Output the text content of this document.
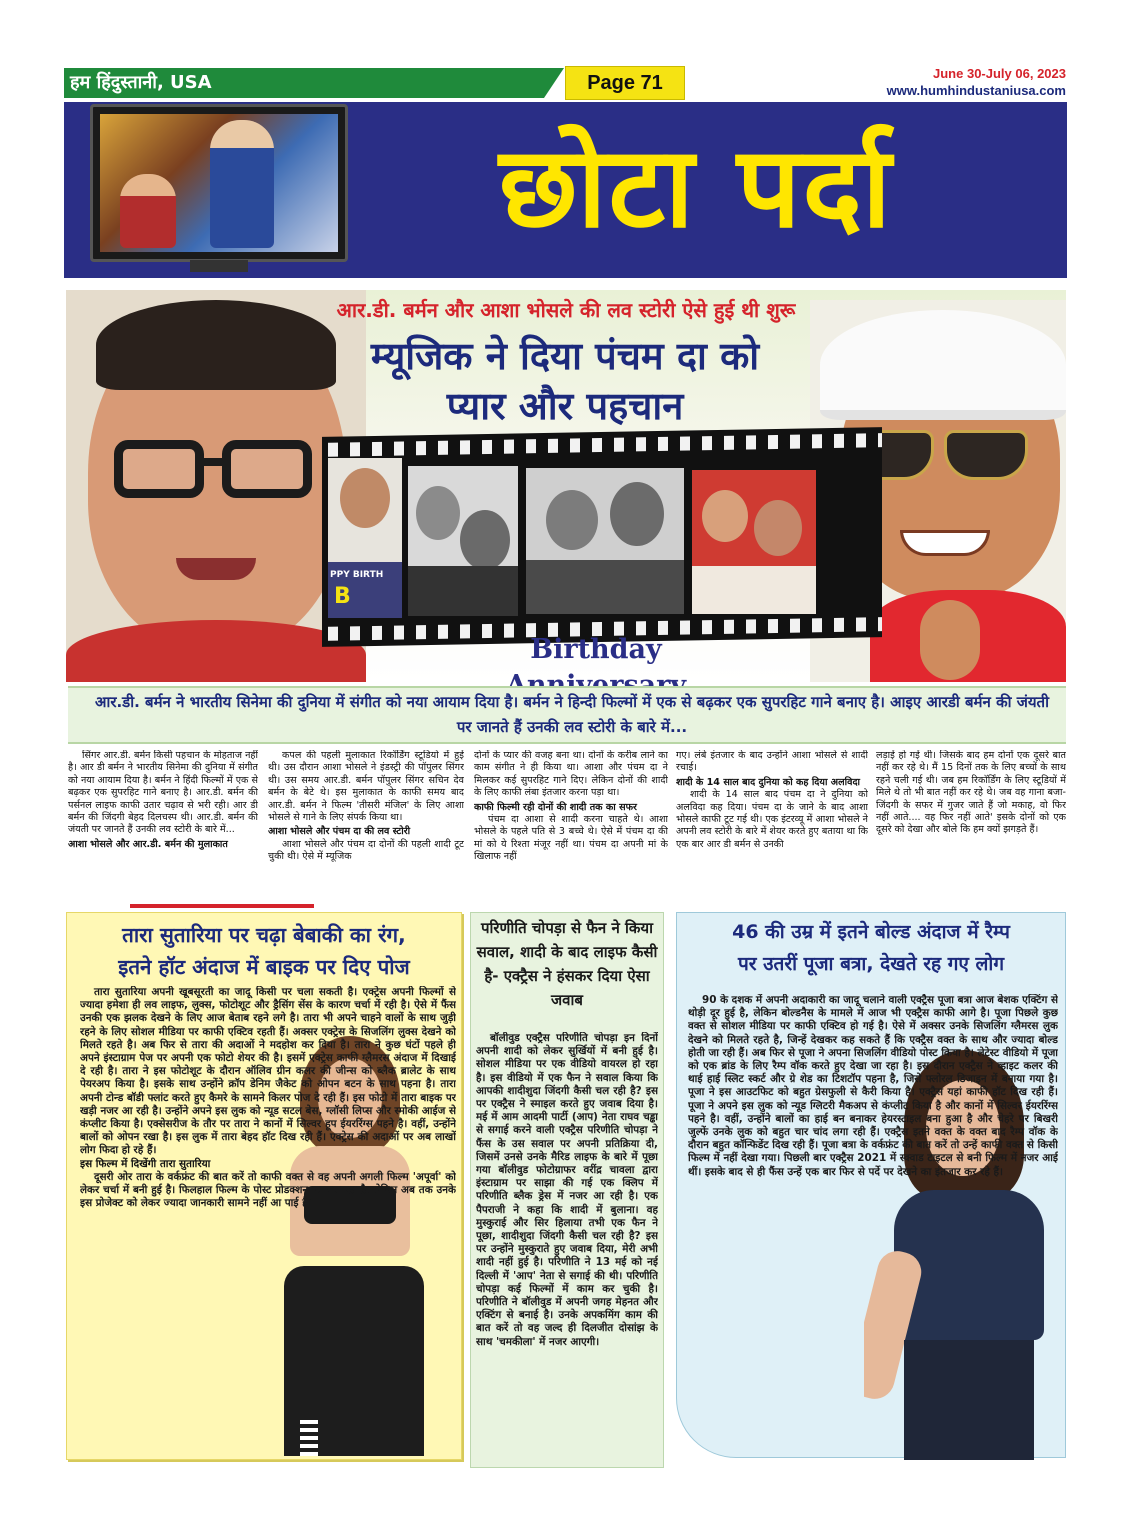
हम हिंदुस्तानी, USA	Page 71	June 30-July 06, 2023
www.humhindustaniusa.com
छोटा पर्दा
आर.डी. बर्मन और आशा भोसले की लव स्टोरी ऐसे हुई थी शुरू
म्यूजिक ने दिया पंचम दा को
प्यार और पहचान
PPY BIRTH
B
Birthday
आर.डी. बर्मन ने भारतीय सिनेमा की दुनिया में संगीत को नया आयाम दिया है। बर्मन ने हिन्दी फिल्मों में एक से बढ़कर एक सुपरहिट गाने बनाए है। आइए आरडी बर्मन की जंयती पर जानते हैं उनकी लव स्टोरी के बारे में...

सिंगर आर.डी. बर्मन किसी पहचान के मोहताज नहीं है। आर डी बर्मन ने भारतीय सिनेमा की दुनिया में संगीत को नया आयाम दिया है। बर्मन ने हिंदी फिल्मों में एक से बढ़कर एक सुपरहिट गाने बनाए है। आर.डी. बर्मन की पर्सनल लाइफ काफी उतार चढ़ाव से भरी रही। आर डी बर्मन की जिंदगी बेहद दिलचस्प थी। आर.डी. बर्मन की जंयती पर जानते हैं उनकी लव स्टोरी के बारे में...

आशा भोसले और आर.डी. बर्मन की मुलाकात

कपल की पहली मुलाकात रिकॉर्डिंग स्टूडियो में हुई थी। उस दौरान आशा भोसले ने इंडस्ट्री की पॉपुलर सिंगर थी। उस समय आर.डी. बर्मन पॉपुलर सिंगर सचिन देव बर्मन के बेटे थे। इस मुलाकात के काफी समय बाद आर.डी. बर्मन ने फिल्म 'तीसरी मंजिल' के लिए आशा भोसले से गाने के लिए संपर्क किया था।

आशा भोसले और पंचम दा की लव स्टोरी

आशा भोसले और पंचम दा दोनों की पहली शादी टूट चुकी थी। ऐसे में म्यूजिक

दोनों के प्यार की वजह बना था। दोनों के करीब लाने का काम संगीत ने ही किया था। आशा और पंचम दा ने मिलकर कई सुपरहिट गाने दिए। लेकिन दोनों की शादी के लिए काफी लंबा इंतजार करना पड़ा था।

काफी फिल्मी रही दोनों की शादी तक का सफर

पंचम दा आशा से शादी करना चाहते थे। आशा भोसले के पहले पति से 3 बच्चे थे। ऐसे में पंचम दा की मां को ये रिश्ता मंजूर नहीं था। पंचम दा अपनी मां के खिलाफ नहीं

गए। लंबे इंतजार के बाद उन्होंने आशा भोसले से शादी रचाई।

शादी के 14 साल बाद दुनिया को कह दिया अलविदा

शादी के 14 साल बाद पंचम दा ने दुनिया को अलविदा कह दिया। पंचम दा के जाने के बाद आशा भोसले काफी टूट गई थी। एक इंटरव्यू में आशा भोसले ने अपनी लव स्टोरी के बारे में शेयर करते हुए बताया था कि एक बार आर डी बर्मन से उनकी

लड़ाई हो गई थी। जिसके बाद हम दोनों एक दूसरे बात नहीं कर रहे थे। मैं 15 दिनों तक के लिए बच्चों के साथ रहने चली गई थी। जब हम रिकॉर्डिंग के लिए स्टूडियों में मिले थे तो भी बात नहीं कर रहे थे। जब वह गाना बजा- जिंदगी के सफर में गुजर जाते हैं जो मकाह, वो फिर नहीं आते.... वह फिर नहीं आते' इसके दोनों को एक दूसरे को देखा और बोले कि हम क्यों झगड़ते हैं।

तारा सुतारिया पर चढ़ा बेबाकी का रंग,
इतने हॉट अंदाज में बाइक पर दिए पोज

तारा सुतारिया अपनी खूबसूरती का जादू किसी पर चला सकती है। एक्ट्रेस अपनी फिल्मों से ज्यादा हमेशा ही लव लाइफ, लुक्स, फोटोशूट और ड्रैसिंग सेंस के कारण चर्चा में रही है। ऐसे में फैंस उनकी एक झलक देखने के लिए आज बेताब रहने लगे है। तारा भी अपने चाहने वालों के साथ जुड़ी रहने के लिए सोशल मीडिया पर काफी एक्टिव रहती हैं। अक्सर एक्ट्रेस के सिजलिंग लुक्स देखने को मिलते रहते है। अब फिर से तारा की अदाओं ने मदहोश कर दिया है। तारा ने कुछ घंटों पहले ही अपने इंस्टाग्राम पेज पर अपनी एक फोटो शेयर की है। इसमें एक्ट्रेस काफी ग्लैमरस अंदाज में दिखाई दे रही है। तारा ने इस फोटोशूट के दौरान ऑलिव ग्रीन कलर की जीन्स को ब्लैक ब्रालेट के साथ पेयरअप किया है। इसके साथ उन्होंने क्रॉप डेनिम जैकेट को ओपन बटन के साथ पहना है। तारा अपनी टोन्ड बॉडी फ्लांट करते हुए कैमरे के सामने किलर पोज दे रही हैं। इस फोटो में तारा बाइक पर खड़ी नजर आ रही है। उन्होंने अपने इस लुक को न्यूड सटल बेस, ग्लॉसी लिप्स और स्मोकी आईज से कंप्लीट किया है। एक्सेसरीज के तौर पर तारा ने कानों में सिल्वर हूप ईयररिंग्स पहने है। वहीं, उन्होंने बालों को ओपन रखा है। इस लुक में तारा बेहद हॉट दिख रही हैं। एक्ट्रेस की अदाओं पर अब लाखों लोग फिदा हो रहे हैं।

इस फिल्म में दिखेंगी तारा सुतारिया

दूसरी ओर तारा के वर्कफ्रंट की बात करें तो काफी वक्त से वह अपनी अगली फिल्म 'अपूर्वा' को लेकर चर्चा में बनी हुई है। फिलहाल फिल्म के पोस्ट प्रोडक्शन का चल रहा है, लेकिन अब तक उनके इस प्रोजेक्ट को लेकर ज्यादा जानकारी सामने नहीं आ पाई है।

परिणीति चोपड़ा से फैन ने किया सवाल, शादी के बाद लाइफ कैसी है- एक्ट्रैस ने हंसकर दिया ऐसा जवाब

बॉलीवुड एक्ट्रैस परिणीति चोपड़ा इन दिनों अपनी शादी को लेकर सुर्खियों में बनी हुई है। सोशल मीडिया पर एक वीडियो वायरल हो रहा है। इस वीडियो में एक फैन ने सवाल किया कि आपकी शादीशुदा जिंदगी कैसी चल रही है? इस पर एक्ट्रैस ने स्माइल करते हुए जवाब दिया है। मई में आम आदमी पार्टी (आप) नेता राघव चड्ढा से सगाई करने वाली एक्ट्रैस परिणीति चोपड़ा ने फैंस के उस सवाल पर अपनी प्रतिक्रिया दी, जिसमें उनसे उनके मैरिड लाइफ के बारे में पूछा गया बॉलीवुड फोटोग्राफर वरींद्र चावला द्वारा इंस्टाग्राम पर साझा की गई एक क्लिप में परिणीति ब्लैक ड्रेस में नजर आ रही है। एक पैपराजी ने कहा कि शादी में बुलाना। वह मुस्कुराई और सिर हिलाया तभी एक फैन ने पूछा, शादीशुदा जिंदगी कैसी चल रही है? इस पर उन्होंने मुस्कुराते हुए जवाब दिया, मेरी अभी शादी नहीं हुई है। परिणीति ने 13 मई को नई दिल्ली में 'आप' नेता से सगाई की थी। परिणीति चोपड़ा कई फिल्मों में काम कर चुकी है। परिणीति ने बॉलीवुड में अपनी जगह मेहनत और एक्टिंग से बनाई है। उनके अपकमिंग काम की बात करें तो वह जल्द ही दिलजीत दोसांझ के साथ 'चमकीला' में नजर आएगी।

46 की उम्र में इतने बोल्ड अंदाज में रैम्प
पर उतरीं पूजा बत्रा, देखते रह गए लोग

90 के दशक में अपनी अदाकारी का जादू चलाने वाली एक्ट्रैस पूजा बत्रा आज बेशक एक्टिंग से थोड़ी दूर हुई है, लेकिन बोल्डनैस के मामले में आज भी एक्ट्रैस काफी आगे है। पूजा पिछले कुछ वक्त से सोशल मीडिया पर काफी एक्टिव हो गई है। ऐसे में अक्सर उनके सिजलिंग ग्लैमरस लुक देखने को मिलते रहते है, जिन्हें देखकर कह सकते हैं कि एक्ट्रैस वक्त के साथ और ज्यादा बोल्ड होती जा रही हैं। अब फिर से पूजा ने अपना सिजलिंग वीडियो पोस्ट किया है। लेटेस्ट वीडियो में पूजा को एक ब्रांड के लिए रैम्प वॉक करते हुए देखा जा रहा है। इस दौरान एक्ट्रैस ने व्हाइट कलर की थाई हाई स्लिट स्कर्ट और ग्रे शेड का टिशटॉप पहना है, जिसे फ्लोरल डिजाइन में बनाया गया है। पूजा ने इस आउटफिट को बहुत ग्रेसफुली से कैरी किया है। एक्ट्रैस यहां काफी हॉट दिख रही हैं। पूजा ने अपने इस लुक को न्यूड ग्लिटरी मैकअप से कंप्लीट किया है और कानों में सिल्वर ईयररिंग्स पहने है। वहीं, उन्होंने बालों का हाई बन बनाकर हेयरस्टाइल बना हुआ है और चेहरे पर बिखरी जुल्फें उनके लुक को बहुत चार चांद लगा रही हैं। एक्ट्रैस इतने वक्त के वक्त बाद रैम्प वॉक के दौरान बहुत कॉन्फिडेंट दिख रही हैं। पूजा बत्रा के वर्कफ्रंट की बात करें तो उन्हें काफी वक्त से किसी फिल्म में नहीं देखा गया। पिछली बार एक्ट्रैस 2021 में स्क्वाड टाइटल से बनी फिल्म में नजर आई थीं। इसके बाद से ही फैंस उन्हें एक बार फिर से पर्दे पर देखने का इंतजार कर रहे हैं।
